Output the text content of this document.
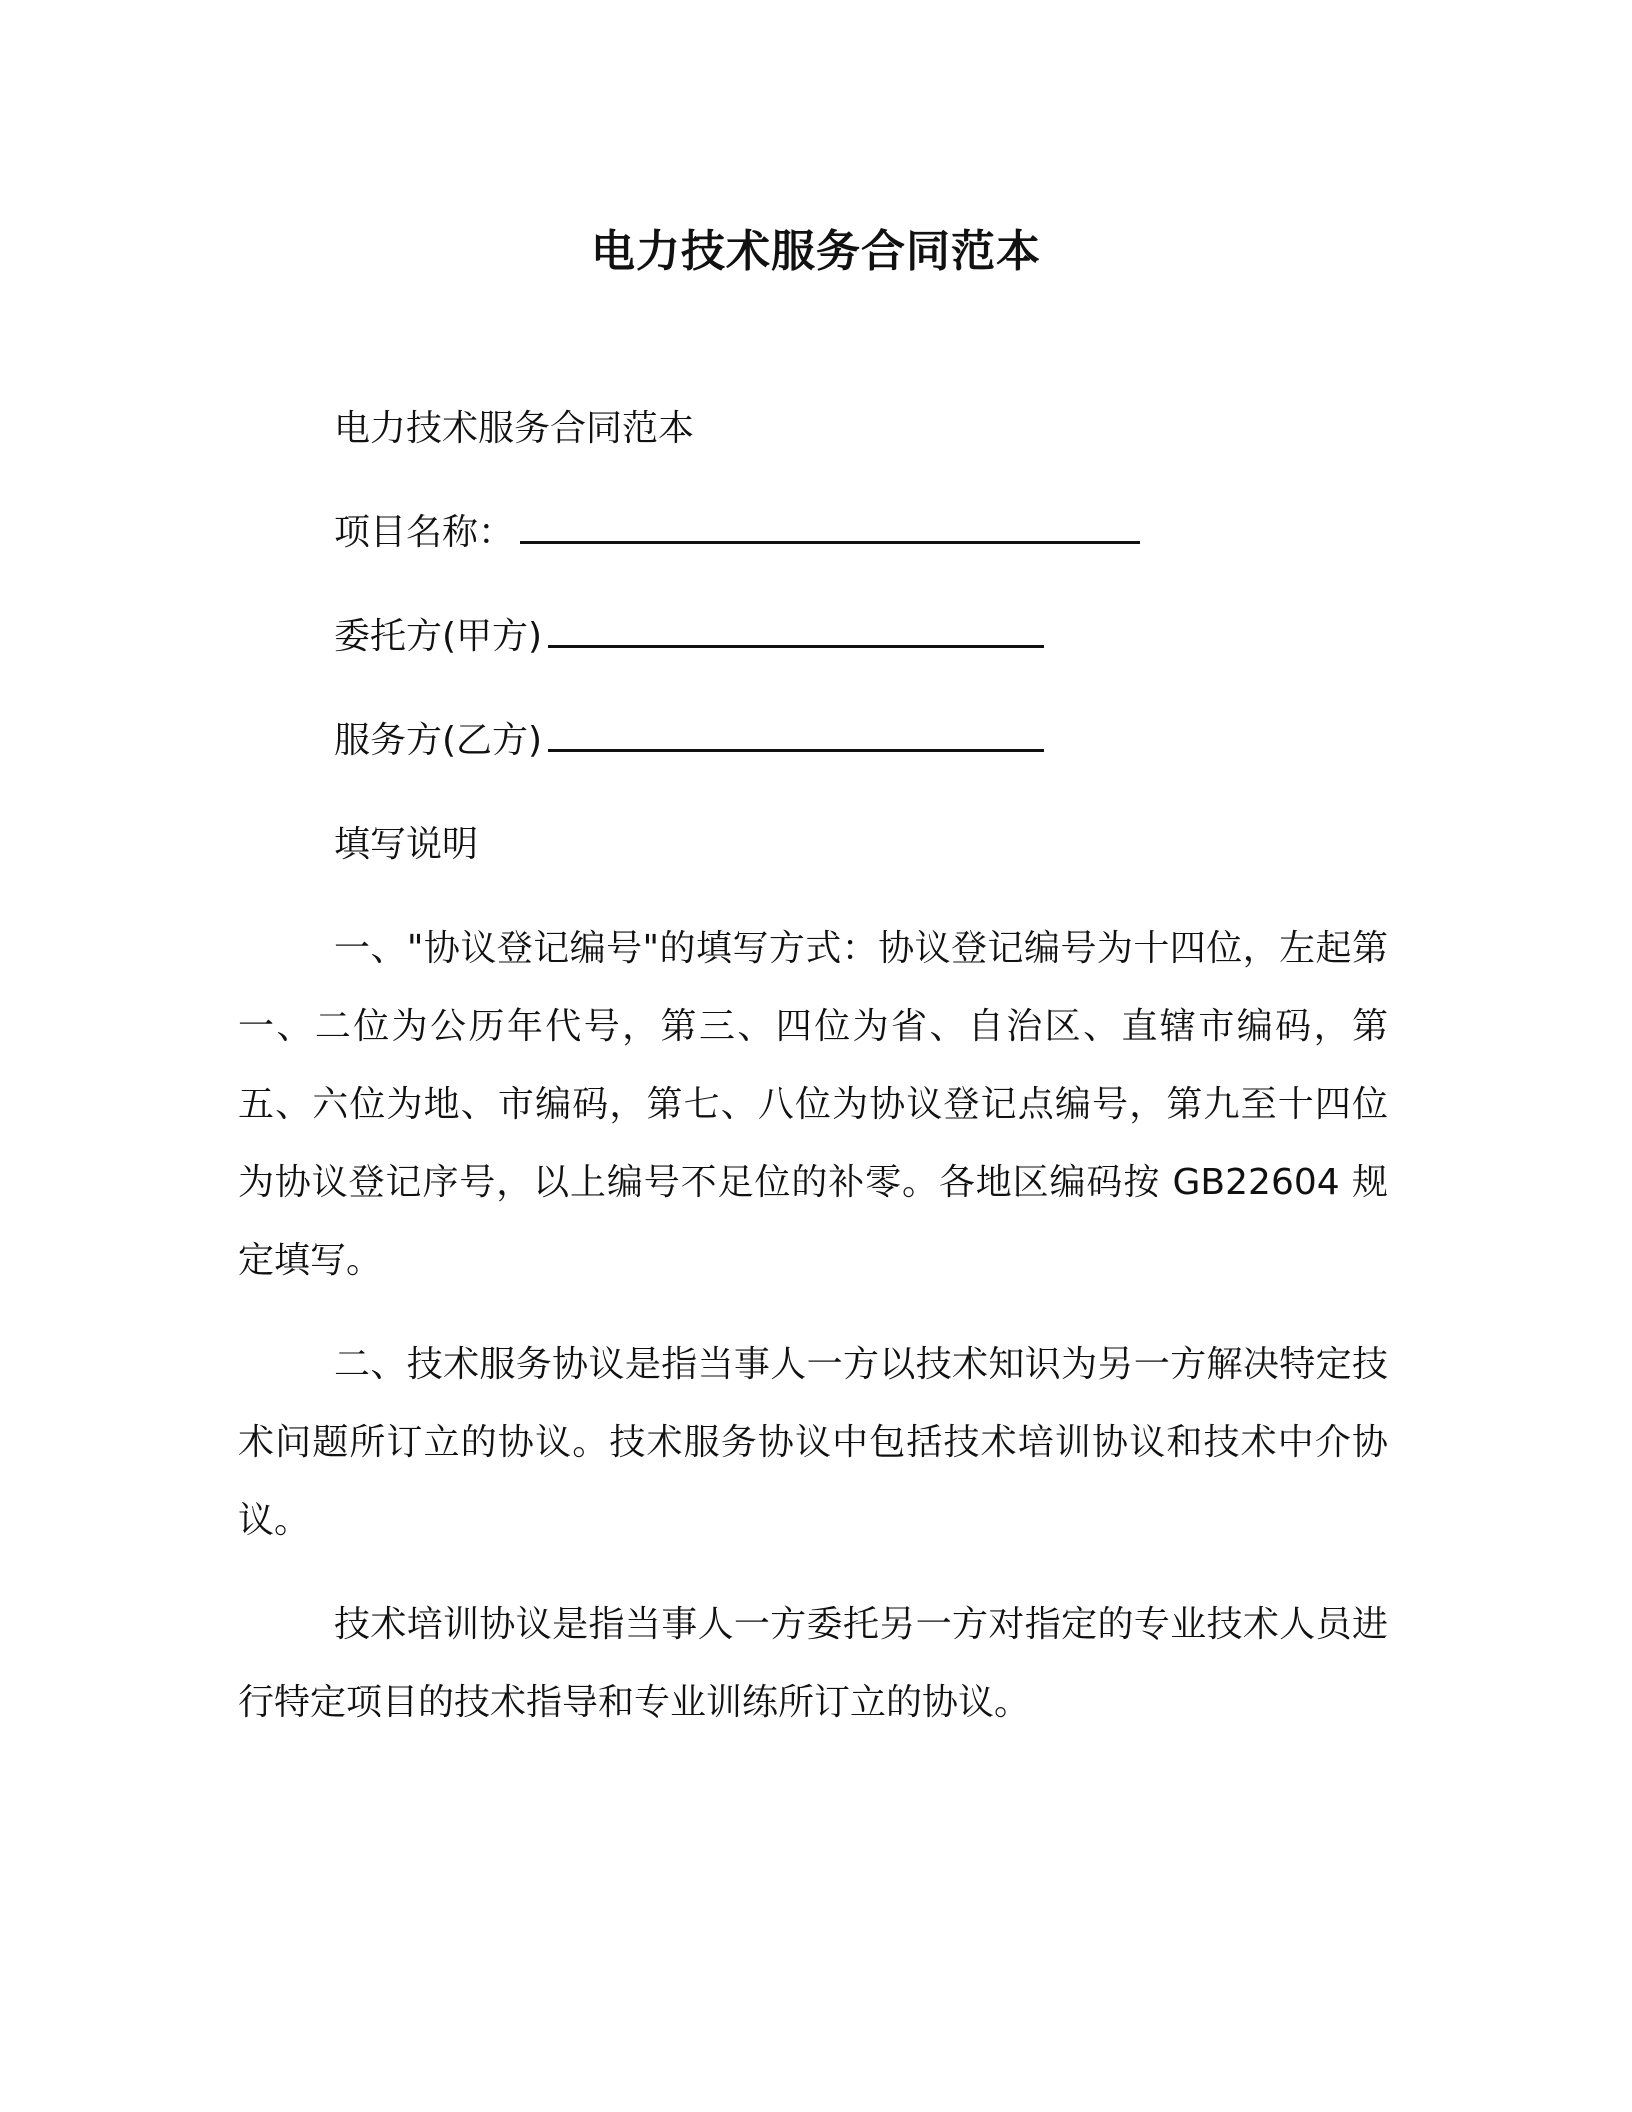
电力技术服务合同范本

电力技术服务合同范本

项目名称：

委托方(甲方)

服务方(乙方)

填写说明

一、"协议登记编号"的填写方式：协议登记编号为十四位，左起第一、二位为公历年代号，第三、四位为省、自治区、直辖市编码，第五、六位为地、市编码，第七、八位为协议登记点编号，第九至十四位为协议登记序号，以上编号不足位的补零。各地区编码按 GB22604 规定填写。

二、技术服务协议是指当事人一方以技术知识为另一方解决特定技术问题所订立的协议。技术服务协议中包括技术培训协议和技术中介协议。

技术培训协议是指当事人一方委托另一方对指定的专业技术人员进行特定项目的技术指导和专业训练所订立的协议。
